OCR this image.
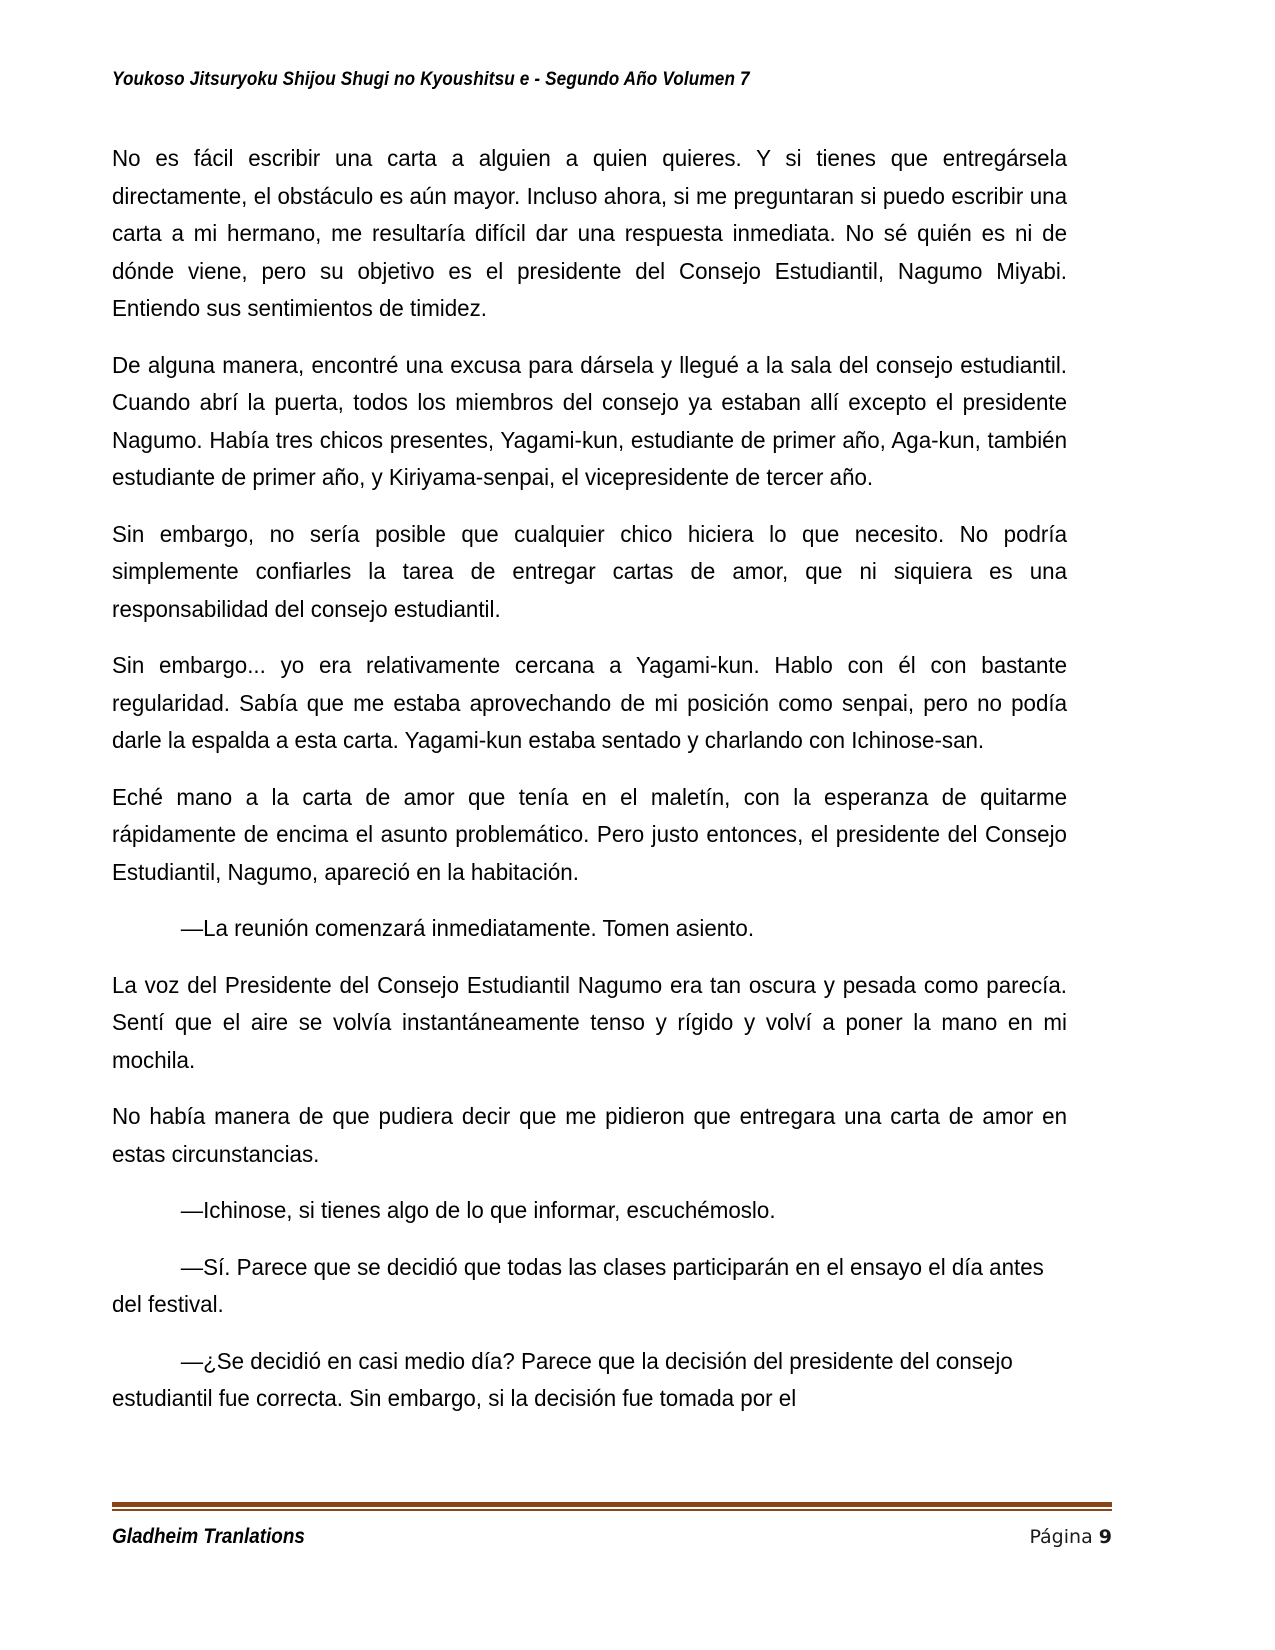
Youkoso Jitsuryoku Shijou Shugi no Kyoushitsu e - Segundo Año Volumen 7

No es fácil escribir una carta a alguien a quien quieres. Y si tienes que entregársela directamente, el obstáculo es aún mayor. Incluso ahora, si me preguntaran si puedo escribir una carta a mi hermano, me resultaría difícil dar una respuesta inmediata. No sé quién es ni de dónde viene, pero su objetivo es el presidente del Consejo Estudiantil, Nagumo Miyabi. Entiendo sus sentimientos de timidez.

De alguna manera, encontré una excusa para dársela y llegué a la sala del consejo estudiantil. Cuando abrí la puerta, todos los miembros del consejo ya estaban allí excepto el presidente Nagumo. Había tres chicos presentes, Yagami-kun, estudiante de primer año, Aga-kun, también estudiante de primer año, y Kiriyama-senpai, el vicepresidente de tercer año.

Sin embargo, no sería posible que cualquier chico hiciera lo que necesito. No podría simplemente confiarles la tarea de entregar cartas de amor, que ni siquiera es una responsabilidad del consejo estudiantil.

Sin embargo... yo era relativamente cercana a Yagami-kun. Hablo con él con bastante regularidad. Sabía que me estaba aprovechando de mi posición como senpai, pero no podía darle la espalda a esta carta. Yagami-kun estaba sentado y charlando con Ichinose-san.

Eché mano a la carta de amor que tenía en el maletín, con la esperanza de quitarme rápidamente de encima el asunto problemático. Pero justo entonces, el presidente del Consejo Estudiantil, Nagumo, apareció en la habitación.

—La reunión comenzará inmediatamente. Tomen asiento.

La voz del Presidente del Consejo Estudiantil Nagumo era tan oscura y pesada como parecía. Sentí que el aire se volvía instantáneamente tenso y rígido y volví a poner la mano en mi mochila.

No había manera de que pudiera decir que me pidieron que entregara una carta de amor en estas circunstancias.

—Ichinose, si tienes algo de lo que informar, escuchémoslo.

—Sí. Parece que se decidió que todas las clases participarán en el ensayo el día antes del festival.

—¿Se decidió en casi medio día? Parece que la decisión del presidente del consejo estudiantil fue correcta. Sin embargo, si la decisión fue tomada por el

Gladheim Tranlations	Página 9
